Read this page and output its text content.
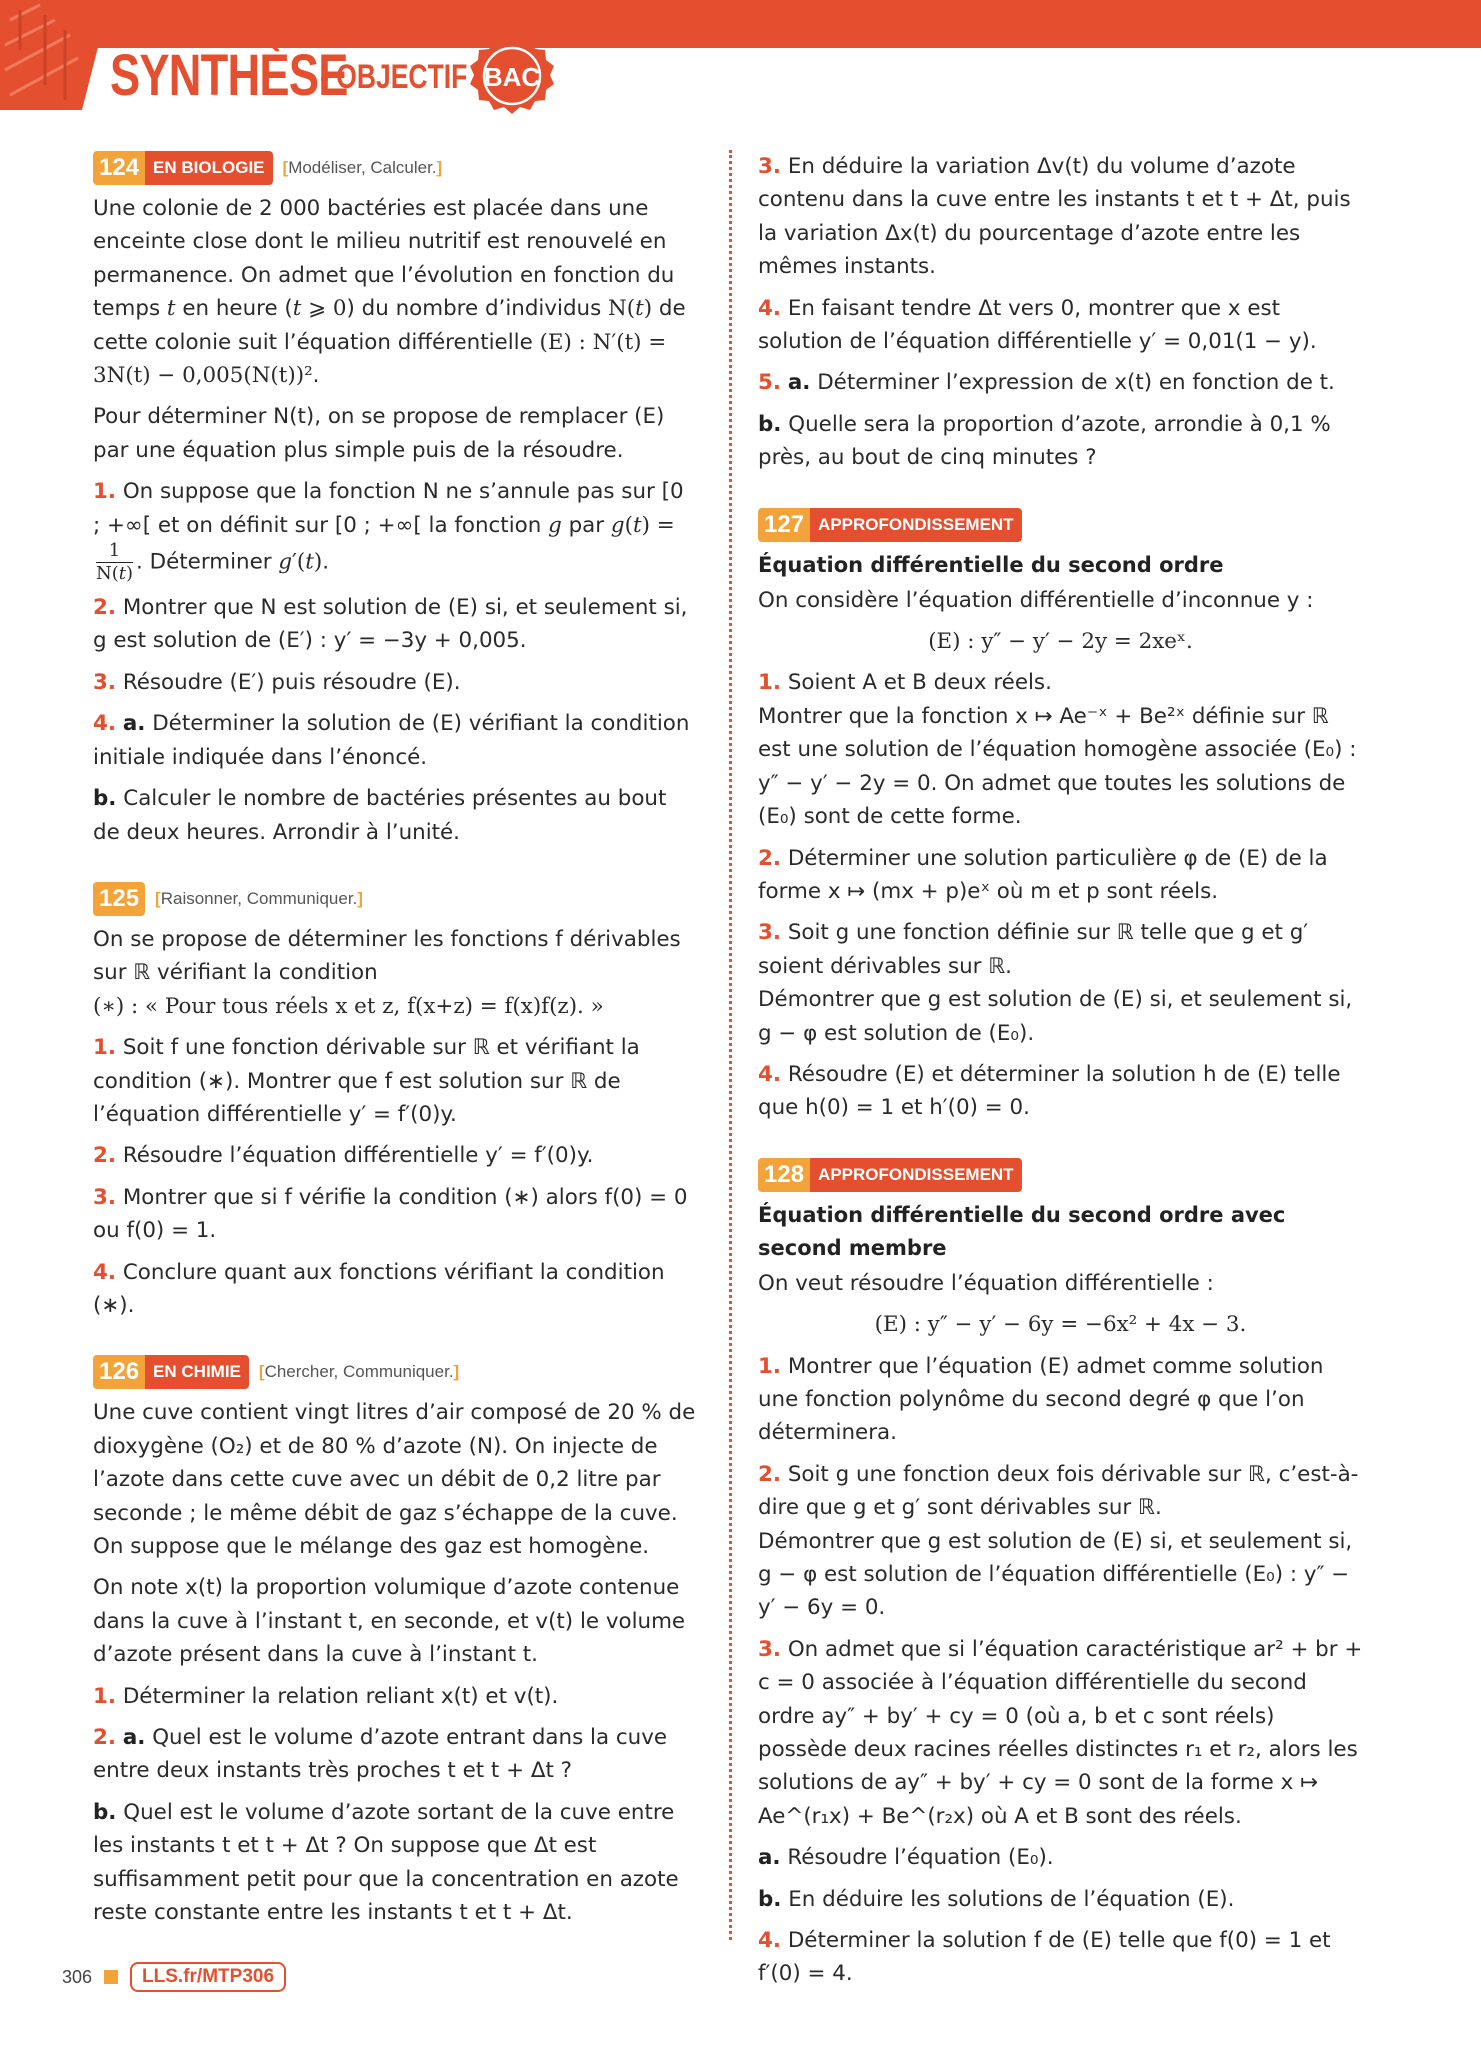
SYNTHÈSE
- OBJECTIF BAC
124 EN BIOLOGIE	[ Modéliser, Calculer. ]

Une colonie de 2 000 bactéries est placée dans une enceinte close dont le milieu nutritif est renouvelé en permanence. On admet que l’évolution en fonction du temps t en heure (t ⩾ 0) du nombre d’individus N(t) de cette colonie suit l’équation différentielle (E) : N′(t) = 3N(t) − 0,005(N(t))².

Pour déterminer N(t), on se propose de remplacer (E) par une équation plus simple puis de la résoudre.

1. On suppose que la fonction N ne s’annule pas sur [0 ; +∞[ et on définit sur [0 ; +∞[ la fonction g par g(t) =
$\frac{1}{N(t)}$ . Déterminer g′(t).

2. Montrer que N est solution de (E) si, et seulement si, g est solution de (E′) : y′ = −3y + 0,005.

3. Résoudre (E′) puis résoudre (E).

4. a. Déterminer la solution de (E) vérifiant la condition initiale indiquée dans l’énoncé.

b. Calculer le nombre de bactéries présentes au bout de deux heures. Arrondir à l’unité.

125	[ Raisonner, Communiquer. ]

On se propose de déterminer les fonctions f dérivables sur ℝ vérifiant la condition
(∗) : « Pour tous réels x et z, f(x+z) = f(x)f(z). »

1. Soit f une fonction dérivable sur ℝ et vérifiant la condition (∗). Montrer que f est solution sur ℝ de l’équation différentielle y′ = f′(0)y.

2. Résoudre l’équation différentielle y′ = f′(0)y.

3. Montrer que si f vérifie la condition (∗) alors f(0) = 0 ou f(0) = 1.

4. Conclure quant aux fonctions vérifiant la condition (∗).

126 EN CHIMIE	[ Chercher, Communiquer. ]

Une cuve contient vingt litres d’air composé de 20 % de dioxygène (O₂) et de 80 % d’azote (N). On injecte de l’azote dans cette cuve avec un débit de 0,2 litre par seconde ; le même débit de gaz s’échappe de la cuve. On suppose que le mélange des gaz est homogène.

On note x(t) la proportion volumique d’azote contenue dans la cuve à l’instant t, en seconde, et v(t) le volume d’azote présent dans la cuve à l’instant t.

1. Déterminer la relation reliant x(t) et v(t).

2. a. Quel est le volume d’azote entrant dans la cuve entre deux instants très proches t et t + Δt ?

b. Quel est le volume d’azote sortant de la cuve entre les instants t et t + Δt ? On suppose que Δt est suffisamment petit pour que la concentration en azote reste constante entre les instants t et t + Δt.

3. En déduire la variation Δv(t) du volume d’azote contenu dans la cuve entre les instants t et t + Δt, puis la variation Δx(t) du pourcentage d’azote entre les mêmes instants.

4. En faisant tendre Δt vers 0, montrer que x est solution de l’équation différentielle y′ = 0,01(1 − y).

5. a. Déterminer l’expression de x(t) en fonction de t.

b. Quelle sera la proportion d’azote, arrondie à 0,1 % près, au bout de cinq minutes ?

127 APPROFONDISSEMENT
Équation différentielle du second ordre

On considère l’équation différentielle d’inconnue y :

(E) : y″ − y′ − 2y = 2xeˣ.

1. Soient A et B deux réels.
Montrer que la fonction x ↦ Ae⁻ˣ + Be²ˣ définie sur ℝ est une solution de l’équation homogène associée (E₀) : y″ − y′ − 2y = 0. On admet que toutes les solutions de (E₀) sont de cette forme.

2. Déterminer une solution particulière φ de (E) de la forme x ↦ (mx + p)eˣ où m et p sont réels.

3. Soit g une fonction définie sur ℝ telle que g et g′ soient dérivables sur ℝ.
Démontrer que g est solution de (E) si, et seulement si, g − φ est solution de (E₀).

4. Résoudre (E) et déterminer la solution h de (E) telle que h(0) = 1 et h′(0) = 0.

128 APPROFONDISSEMENT
Équation différentielle du second ordre avec second membre

On veut résoudre l’équation différentielle :

(E) : y″ − y′ − 6y = −6x² + 4x − 3.

1. Montrer que l’équation (E) admet comme solution une fonction polynôme du second degré φ que l’on déterminera.

2. Soit g une fonction deux fois dérivable sur ℝ, c’est-à-dire que g et g′ sont dérivables sur ℝ.
Démontrer que g est solution de (E) si, et seulement si, g − φ est solution de l’équation différentielle (E₀) : y″ − y′ − 6y = 0.

3. On admet que si l’équation caractéristique ar² + br + c = 0 associée à l’équation différentielle du second ordre ay″ + by′ + cy = 0 (où a, b et c sont réels) possède deux racines réelles distinctes r₁ et r₂, alors les solutions de ay″ + by′ + cy = 0 sont de la forme x ↦ Ae^(r₁x) + Be^(r₂x) où A et B sont des réels.

a. Résoudre l’équation (E₀).

b. En déduire les solutions de l’équation (E).

4. Déterminer la solution f de (E) telle que f(0) = 1 et f′(0) = 4.

306	LLS.fr/MTP306
